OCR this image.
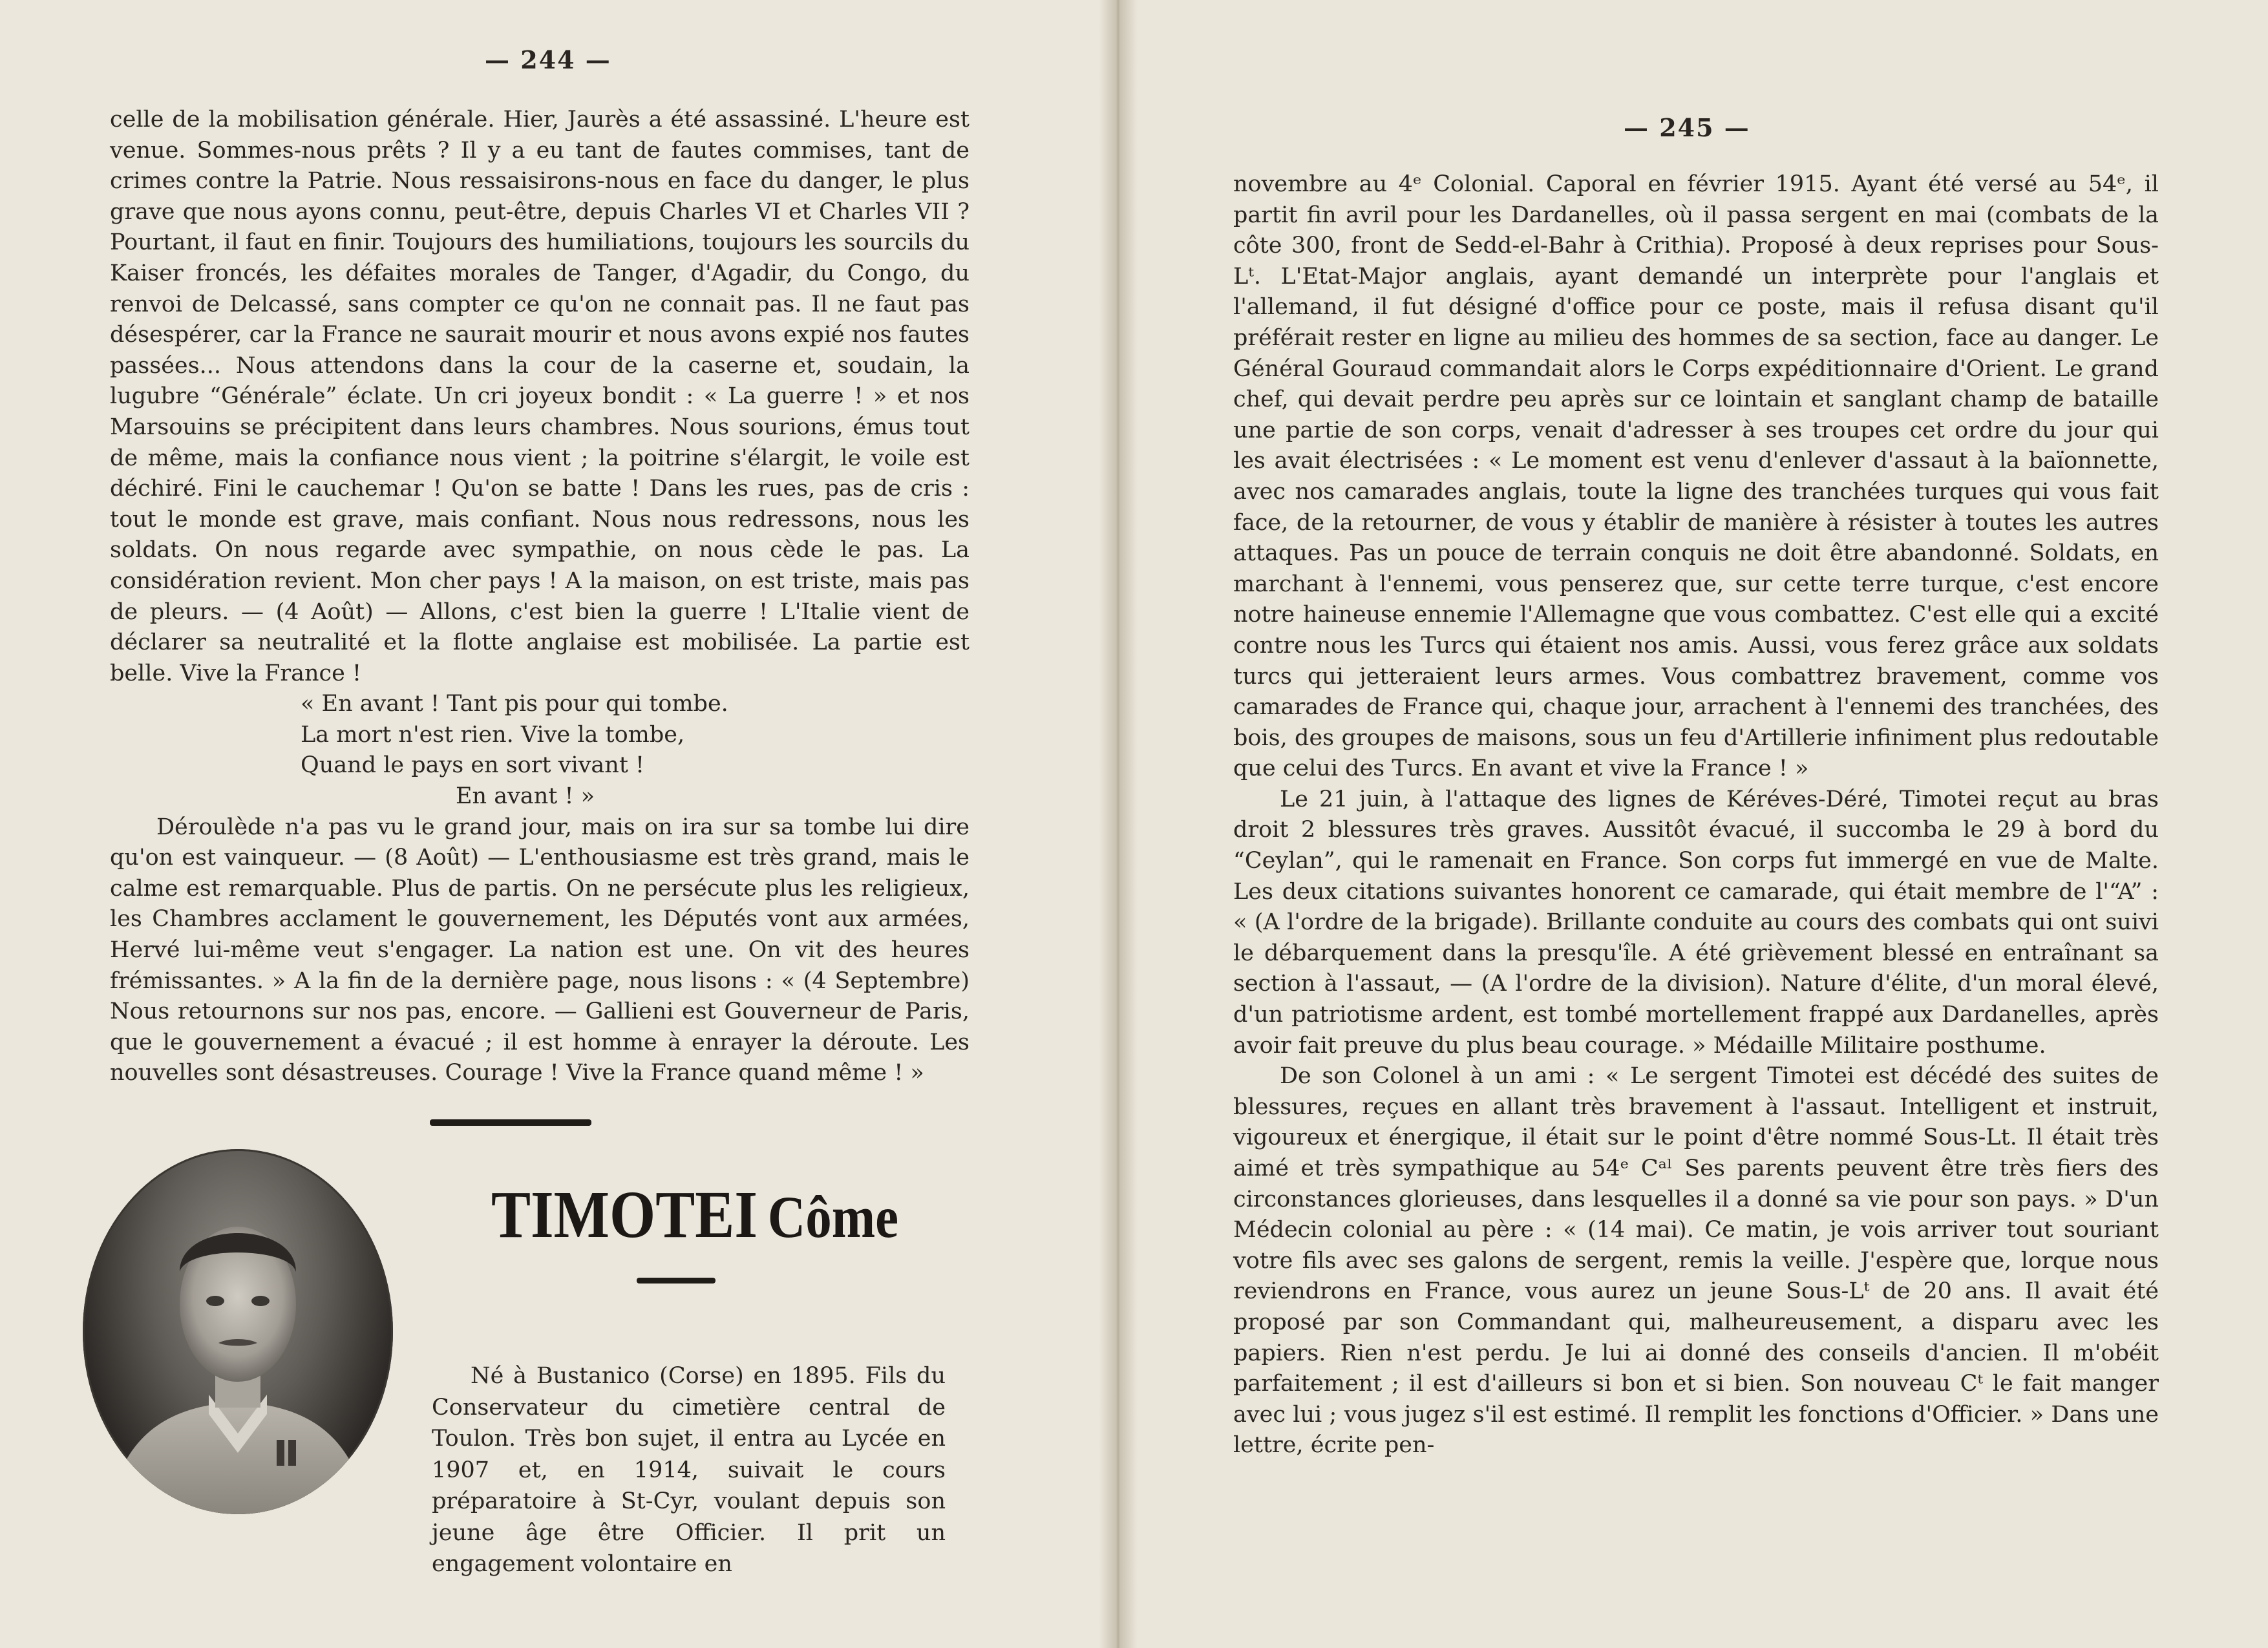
— 244 —

celle de la mobilisation générale. Hier, Jaurès a été assassiné. L'heure est venue. Sommes-nous prêts ? Il y a eu tant de fautes commises, tant de crimes contre la Patrie. Nous ressaisirons-nous en face du danger, le plus grave que nous ayons connu, peut-être, depuis Charles VI et Charles VII ? Pourtant, il faut en finir. Toujours des humiliations, toujours les sourcils du Kaiser froncés, les défaites morales de Tanger, d'Agadir, du Congo, du renvoi de Delcassé, sans compter ce qu'on ne connait pas. Il ne faut pas désespérer, car la France ne saurait mourir et nous avons expié nos fautes passées... Nous attendons dans la cour de la caserne et, soudain, la lugubre “Générale” éclate. Un cri joyeux bondit : « La guerre ! » et nos Marsouins se précipitent dans leurs chambres. Nous sourions, émus tout de même, mais la confiance nous vient ; la poitrine s'élargit, le voile est déchiré. Fini le cauchemar ! Qu'on se batte ! Dans les rues, pas de cris : tout le monde est grave, mais confiant. Nous nous redressons, nous les soldats. On nous regarde avec sympathie, on nous cède le pas. La considération revient. Mon cher pays ! A la maison, on est triste, mais pas de pleurs. — (4 Août) — Allons, c'est bien la guerre ! L'Italie vient de déclarer sa neutralité et la flotte anglaise est mobilisée. La partie est belle. Vive la France !

« En avant ! Tant pis pour qui tombe.
La mort n'est rien. Vive la tombe,
Quand le pays en sort vivant !
En avant ! »

Déroulède n'a pas vu le grand jour, mais on ira sur sa tombe lui dire qu'on est vainqueur. — (8 Août) — L'enthousiasme est très grand, mais le calme est remarquable. Plus de partis. On ne persécute plus les religieux, les Chambres acclament le gouvernement, les Députés vont aux armées, Hervé lui-même veut s'engager. La nation est une. On vit des heures frémissantes. » A la fin de la dernière page, nous lisons : « (4 Septembre) Nous retournons sur nos pas, encore. — Gallieni est Gouverneur de Paris, que le gouvernement a évacué ; il est homme à enrayer la déroute. Les nouvelles sont désastreuses. Courage ! Vive la France quand même ! »

TIMOTEI Côme

Né à Bustanico (Corse) en 1895. Fils du Conservateur du cimetière central de Toulon. Très bon sujet, il entra au Lycée en 1907 et, en 1914, suivait le cours préparatoire à St-Cyr, voulant depuis son jeune âge être Officier. Il prit un engagement volontaire en

— 245 —

novembre au 4ᵉ Colonial. Caporal en février 1915. Ayant été versé au 54ᵉ, il partit fin avril pour les Dardanelles, où il passa sergent en mai (combats de la côte 300, front de Sedd-el-Bahr à Crithia). Proposé à deux reprises pour Sous-Lᵗ. L'Etat-Major anglais, ayant demandé un interprète pour l'anglais et l'allemand, il fut désigné d'office pour ce poste, mais il refusa disant qu'il préférait rester en ligne au milieu des hommes de sa section, face au danger. Le Général Gouraud commandait alors le Corps expéditionnaire d'Orient. Le grand chef, qui devait perdre peu après sur ce lointain et sanglant champ de bataille une partie de son corps, venait d'adresser à ses troupes cet ordre du jour qui les avait électrisées : « Le moment est venu d'enlever d'assaut à la baïonnette, avec nos camarades anglais, toute la ligne des tranchées turques qui vous fait face, de la retourner, de vous y établir de manière à résister à toutes les autres attaques. Pas un pouce de terrain conquis ne doit être abandonné. Soldats, en marchant à l'ennemi, vous penserez que, sur cette terre turque, c'est encore notre haineuse ennemie l'Allemagne que vous combattez. C'est elle qui a excité contre nous les Turcs qui étaient nos amis. Aussi, vous ferez grâce aux soldats turcs qui jetteraient leurs armes. Vous combattrez bravement, comme vos camarades de France qui, chaque jour, arrachent à l'ennemi des tranchées, des bois, des groupes de maisons, sous un feu d'Artillerie infiniment plus redoutable que celui des Turcs. En avant et vive la France ! »

Le 21 juin, à l'attaque des lignes de Kéréves-Déré, Timotei reçut au bras droit 2 blessures très graves. Aussitôt évacué, il succomba le 29 à bord du “Ceylan”, qui le ramenait en France. Son corps fut immergé en vue de Malte. Les deux citations suivantes honorent ce camarade, qui était membre de l'“A” : « (A l'ordre de la brigade). Brillante conduite au cours des combats qui ont suivi le débarquement dans la presqu'île. A été grièvement blessé en entraînant sa section à l'assaut, — (A l'ordre de la division). Nature d'élite, d'un moral élevé, d'un patriotisme ardent, est tombé mortellement frappé aux Dardanelles, après avoir fait preuve du plus beau courage. » Médaille Militaire posthume.

De son Colonel à un ami : « Le sergent Timotei est décédé des suites de blessures, reçues en allant très bravement à l'assaut. Intelligent et instruit, vigoureux et énergique, il était sur le point d'être nommé Sous-Lt. Il était très aimé et très sympathique au 54ᵉ Cᵃˡ Ses parents peuvent être très fiers des circonstances glorieuses, dans lesquelles il a donné sa vie pour son pays. » D'un Médecin colonial au père : « (14 mai). Ce matin, je vois arriver tout souriant votre fils avec ses galons de sergent, remis la veille. J'espère que, lorque nous reviendrons en France, vous aurez un jeune Sous-Lᵗ de 20 ans. Il avait été proposé par son Commandant qui, malheureusement, a disparu avec les papiers. Rien n'est perdu. Je lui ai donné des conseils d'ancien. Il m'obéit parfaitement ; il est d'ailleurs si bon et si bien. Son nouveau Cᵗ le fait manger avec lui ; vous jugez s'il est estimé. Il remplit les fonctions d'Officier. » Dans une lettre, écrite pen-
